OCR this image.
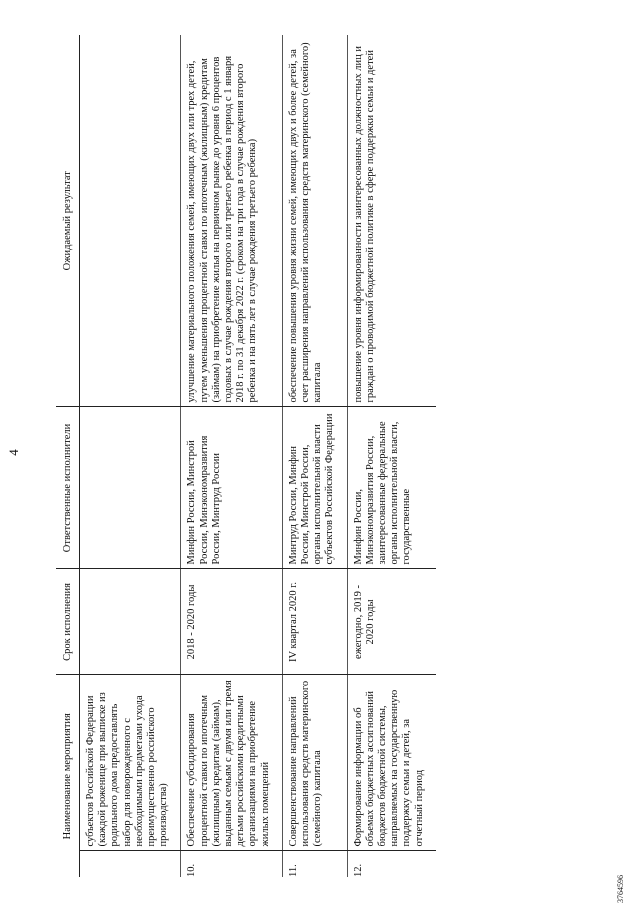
4
3764596
Наименование мероприятия		Срок исполнения	Ответственные исполнители	Ожидаемый результат
	субъектов Российской Федерации (каждой роженице при выписке из родильного дома предоставлять набор для новорожденного с необходимыми предметами ухода преимущественно российского производства)			
10.	Обеспечение субсидирования процентной ставки по ипотечным (жилищным) кредитам (займам), выданным семьям с двумя или тремя детьми российскими кредитными организациями на приобретение жилых помещений	2018 - 2020 годы	Минфин России, Минстрой России, Минэкономразвития России, Минтруд России	улучшение материального положения семей, имеющих двух или трех детей, путем уменьшения процентной ставки по ипотечным (жилищным) кредитам (займам) на приобретение жилья на первичном рынке до уровня 6 процентов годовых в случае рождения второго или третьего ребенка в период с 1 января 2018 г. по 31 декабря 2022 г. (сроком на три года в случае рождения второго ребенка и на пять лет в случае рождения третьего ребенка)
11.	Совершенствование направлений использования средств материнского (семейного) капитала	IV квартал 2020 г.	Минтруд России, Минфин России, Минстрой России, органы исполнительной власти субъектов Российской Федерации	обеспечение повышения уровня жизни семей, имеющих двух и более детей, за счет расширения направлений использования средств материнского (семейного) капитала
12.	Формирование информации об объемах бюджетных ассигнований бюджетов бюджетной системы, направляемых на государственную поддержку семьи и детей, за отчетный период	ежегодно, 2019 - 2020 годы	Минфин России, Минэкономразвития России, заинтересованные федеральные органы исполнительной власти, государственные	повышение уровня информированности заинтересованных должностных лиц и граждан о проводимой бюджетной политике в сфере поддержки семьи и детей
